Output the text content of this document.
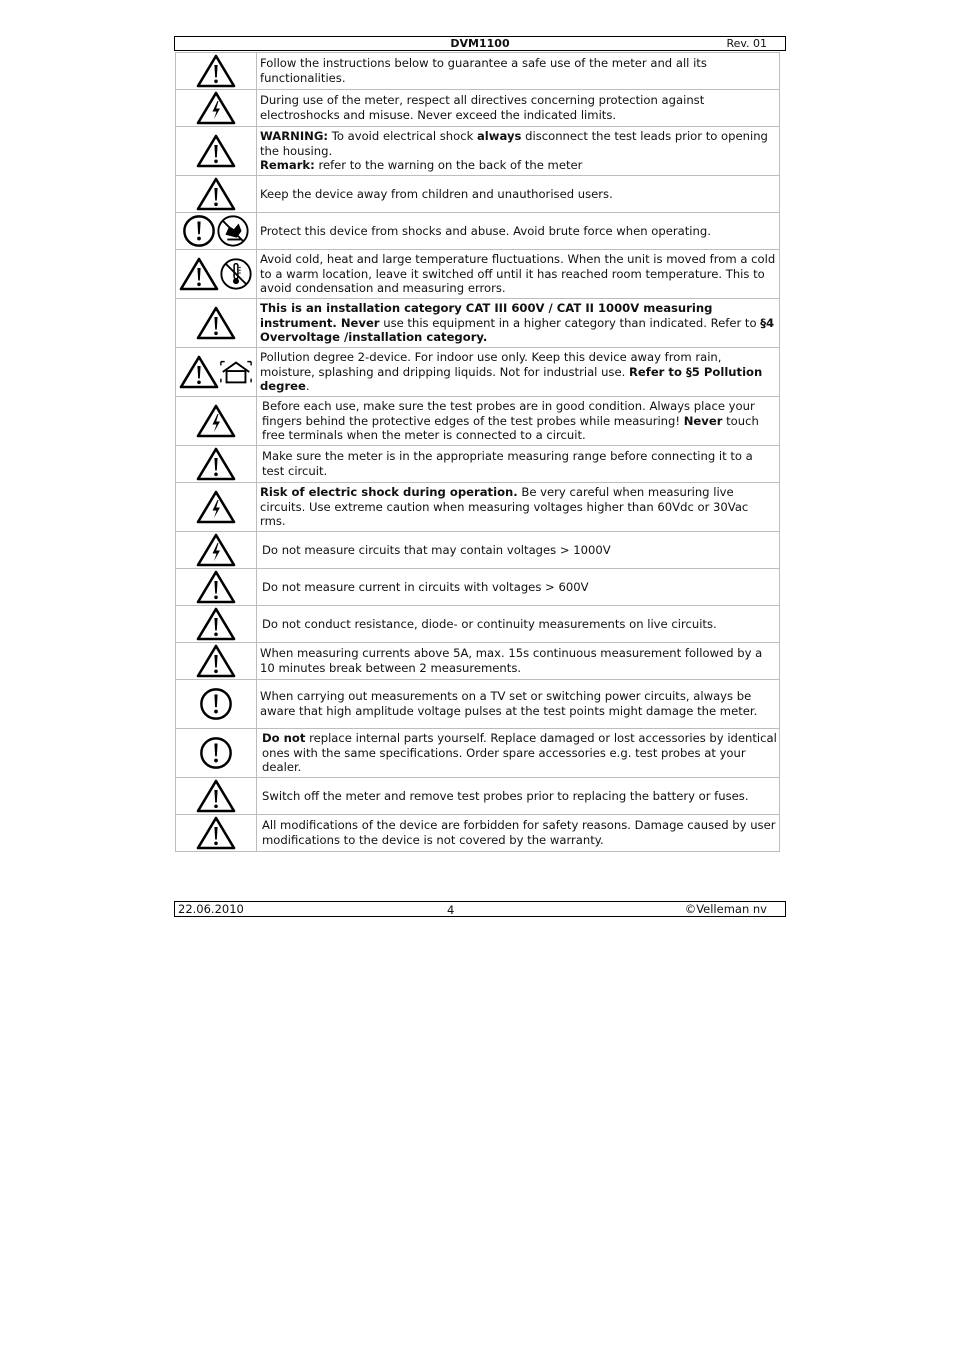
DVM1100	Rev. 01
	Follow the instructions below to guarantee a safe use of the meter and all its functionalities.
	During use of the meter, respect all directives concerning protection against electroshocks and misuse. Never exceed the indicated limits.
	WARNING: To avoid electrical shock always disconnect the test leads prior to opening the housing.
Remark: refer to the warning on the back of the meter
	Keep the device away from children and unauthorised users.
	Protect this device from shocks and abuse. Avoid brute force when operating.
	Avoid cold, heat and large temperature fluctuations. When the unit is moved from a cold to a warm location, leave it switched off until it has reached room temperature. This to avoid condensation and measuring errors.
	This is an installation category CAT III 600V / CAT II 1000V measuring instrument. Never use this equipment in a higher category than indicated. Refer to §4 Overvoltage /installation category.
	Pollution degree 2-device. For indoor use only. Keep this device away from rain, moisture, splashing and dripping liquids. Not for industrial use. Refer to §5 Pollution degree.
	Before each use, make sure the test probes are in good condition. Always place your fingers behind the protective edges of the test probes while measuring! Never touch free terminals when the meter is connected to a circuit.
	Make sure the meter is in the appropriate measuring range before connecting it to a test circuit.
	Risk of electric shock during operation. Be very careful when measuring live circuits. Use extreme caution when measuring voltages higher than 60Vdc or 30Vac rms.
	Do not measure circuits that may contain voltages > 1000V
	Do not measure current in circuits with voltages > 600V
	Do not conduct resistance, diode- or continuity measurements on live circuits.
	When measuring currents above 5A, max. 15s continuous measurement followed by a 10 minutes break between 2 measurements.
	When carrying out measurements on a TV set or switching power circuits, always be aware that high amplitude voltage pulses at the test points might damage the meter.
	Do not replace internal parts yourself. Replace damaged or lost accessories by identical ones with the same specifications. Order spare accessories e.g. test probes at your dealer.
	Switch off the meter and remove test probes prior to replacing the battery or fuses.
	All modifications of the device are forbidden for safety reasons. Damage caused by user modifications to the device is not covered by the warranty.
22.06.2010	4	©Velleman nv
